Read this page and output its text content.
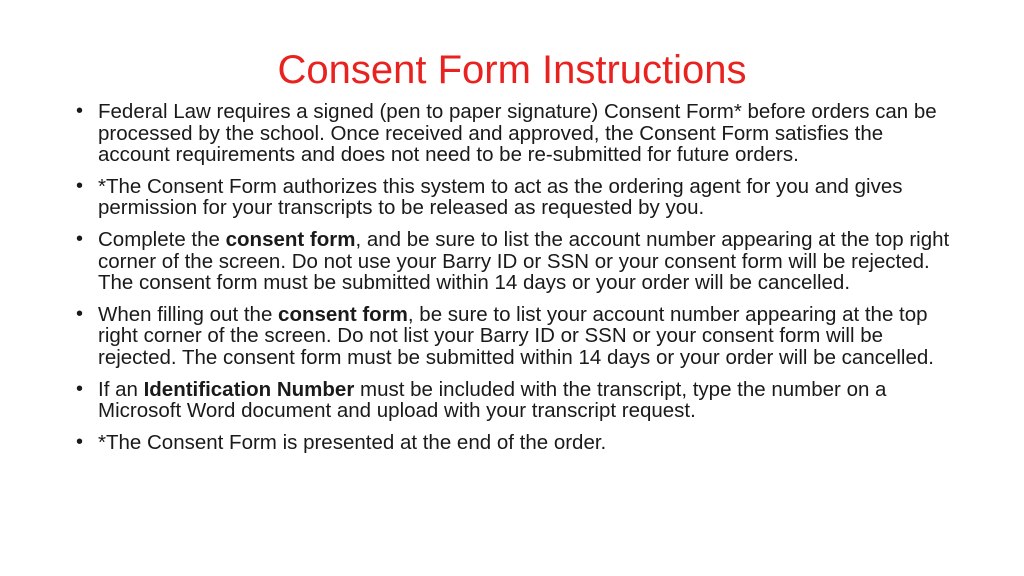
Consent Form Instructions
• Federal Law requires a signed (pen to paper signature) Consent Form* before orders can be processed by the school. Once received and approved, the Consent Form satisfies the account requirements and does not need to be re-submitted for future orders.
• *The Consent Form authorizes this system to act as the ordering agent for you and gives permission for your transcripts to be released as requested by you.
• Complete the consent form, and be sure to list the account number appearing at the top right corner of the screen. Do not use your Barry ID or SSN or your consent form will be rejected. The consent form must be submitted within 14 days or your order will be cancelled.
• When filling out the consent form, be sure to list your account number appearing at the top right corner of the screen. Do not list your Barry ID or SSN or your consent form will be rejected. The consent form must be submitted within 14 days or your order will be cancelled.
• If an Identification Number must be included with the transcript, type the number on a Microsoft Word document and upload with your transcript request.
• *The Consent Form is presented at the end of the order.
